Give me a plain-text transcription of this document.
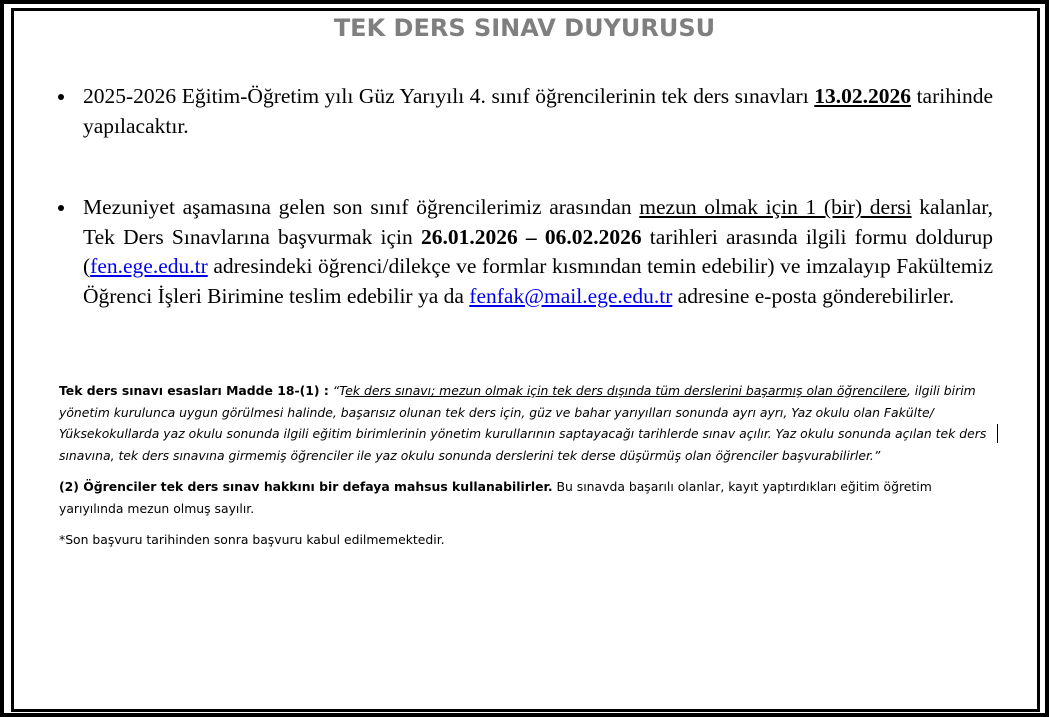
TEK DERS SINAV DUYURUSU
2025-2026 Eğitim-Öğretim yılı Güz Yarıyılı 4. sınıf öğrencilerinin tek ders sınavları 13.02.2026 tarihinde yapılacaktır.
Mezuniyet aşamasına gelen son sınıf öğrencilerimiz arasından mezun olmak için 1 (bir) dersi kalanlar, Tek Ders Sınavlarına başvurmak için 26.01.2026 – 06.02.2026 tarihleri arasında ilgili formu doldurup (fen.ege.edu.tr adresindeki öğrenci/dilekçe ve formlar kısmından temin edebilir) ve imzalayıp Fakültemiz Öğrenci İşleri Birimine teslim edebilir ya da fenfak@mail.ege.edu.tr adresine e-posta gönderebilirler.
Tek ders sınavı esasları Madde 18-(1) : “Tek ders sınavı; mezun olmak için tek ders dışında tüm derslerini başarmış olan öğrencilere, ilgili birim yönetim kurulunca uygun görülmesi halinde, başarısız olunan tek ders için, güz ve bahar yarıyılları sonunda ayrı ayrı, Yaz okulu olan Fakülte/ Yüksekokullarda yaz okulu sonunda ilgili eğitim birimlerinin yönetim kurullarının saptayacağı tarihlerde sınav açılır. Yaz okulu sonunda açılan tek ders sınavına, tek ders sınavına girmemiş öğrenciler ile yaz okulu sonunda derslerini tek derse düşürmüş olan öğrenciler başvurabilirler.”
(2) Öğrenciler tek ders sınav hakkını bir defaya mahsus kullanabilirler. Bu sınavda başarılı olanlar, kayıt yaptırdıkları eğitim öğretim yarıyılında mezun olmuş sayılır.
*Son başvuru tarihinden sonra başvuru kabul edilmemektedir.
